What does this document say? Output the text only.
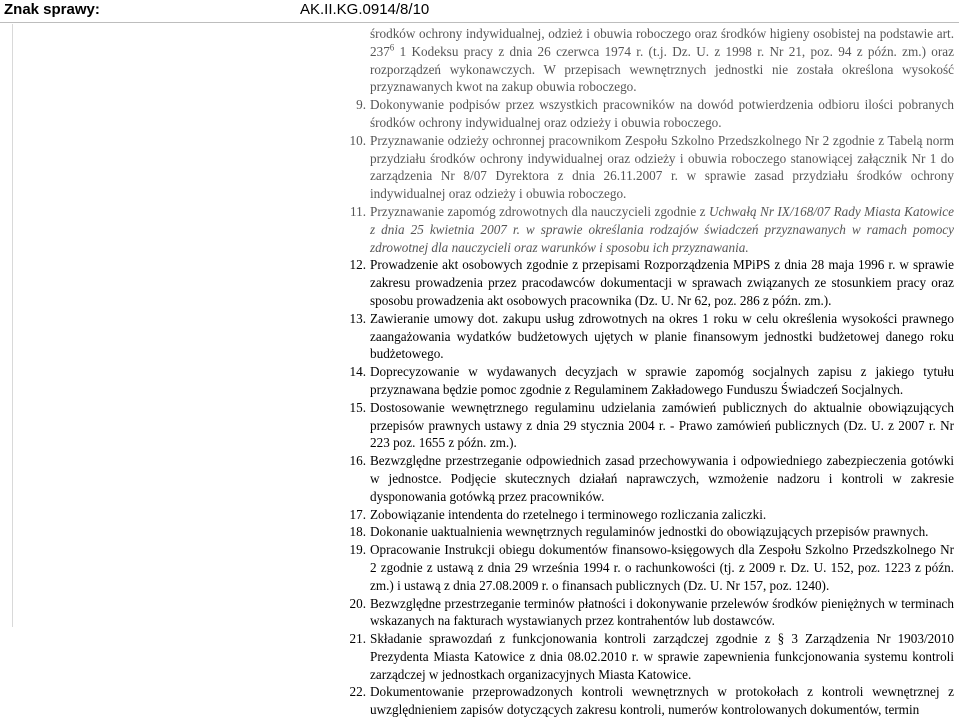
Znak sprawy:	AK.II.KG.0914/8/10
środków ochrony indywidualnej, odzież i obuwia roboczego oraz środków higieny osobistej na podstawie art. $237^6$ 1 Kodeksu pracy z dnia 26 czerwca 1974 r. (t.j. Dz. U. z 1998 r. Nr 21, poz. 94 z późn. zm.) oraz rozporządzeń wykonawczych. W przepisach wewnętrznych jednostki nie została określona wysokość przyznawanych kwot na zakup obuwia roboczego.
9. Dokonywanie podpisów przez wszystkich pracowników na dowód potwierdzenia odbioru ilości pobranych środków ochrony indywidualnej oraz odzieży i obuwia roboczego.
10. Przyznawanie odzieży ochronnej pracownikom Zespołu Szkolno Przedszkolnego Nr 2 zgodnie z Tabelą norm przydziału środków ochrony indywidualnej oraz odzieży i obuwia roboczego stanowiącej załącznik Nr 1 do zarządzenia Nr 8/07 Dyrektora z dnia 26.11.2007 r. w sprawie zasad przydziału środków ochrony indywidualnej oraz odzieży i obuwia roboczego.
11. Przyznawanie zapomóg zdrowotnych dla nauczycieli zgodnie z Uchwałą Nr IX/168/07 Rady Miasta Katowice z dnia 25 kwietnia 2007 r. w sprawie określania rodzajów świadczeń przyznawanych w ramach pomocy zdrowotnej dla nauczycieli oraz warunków i sposobu ich przyznawania.
12. Prowadzenie akt osobowych zgodnie z przepisami Rozporządzenia MPiPS z dnia 28 maja 1996 r. w sprawie zakresu prowadzenia przez pracodawców dokumentacji w sprawach związanych ze stosunkiem pracy oraz sposobu prowadzenia akt osobowych pracownika (Dz. U. Nr 62, poz. 286 z późn. zm.).
13. Zawieranie umowy dot. zakupu usług zdrowotnych na okres 1 roku w celu określenia wysokości prawnego zaangażowania wydatków budżetowych ujętych w planie finansowym jednostki budżetowej danego roku budżetowego.
14. Doprecyzowanie w wydawanych decyzjach w sprawie zapomóg socjalnych zapisu z jakiego tytułu przyznawana będzie pomoc zgodnie z Regulaminem Zakładowego Funduszu Świadczeń Socjalnych.
15. Dostosowanie wewnętrznego regulaminu udzielania zamówień publicznych do aktualnie obowiązujących przepisów prawnych ustawy z dnia 29 stycznia 2004 r. - Prawo zamówień publicznych (Dz. U. z 2007 r. Nr 223 poz. 1655 z późn. zm.).
16. Bezwzględne przestrzeganie odpowiednich zasad przechowywania i odpowiedniego zabezpieczenia gotówki w jednostce. Podjęcie skutecznych działań naprawczych, wzmożenie nadzoru i kontroli w zakresie dysponowania gotówką przez pracowników.
17. Zobowiązanie intendenta do rzetelnego i terminowego rozliczania zaliczki.
18. Dokonanie uaktualnienia wewnętrznych regulaminów jednostki do obowiązujących przepisów prawnych.
19. Opracowanie Instrukcji obiegu dokumentów finansowo-księgowych dla Zespołu Szkolno Przedszkolnego Nr 2 zgodnie z ustawą z dnia 29 września 1994 r. o rachunkowości (tj. z 2009 r. Dz. U. 152, poz. 1223 z późn. zm.) i ustawą z dnia 27.08.2009 r. o finansach publicznych (Dz. U. Nr 157, poz. 1240).
20. Bezwzględne przestrzeganie terminów płatności i dokonywanie przelewów środków pieniężnych w terminach wskazanych na fakturach wystawianych przez kontrahentów lub dostawców.
21. Składanie sprawozdań z funkcjonowania kontroli zarządczej zgodnie z § 3 Zarządzenia Nr 1903/2010 Prezydenta Miasta Katowice z dnia 08.02.2010 r. w sprawie zapewnienia funkcjonowania systemu kontroli zarządczej w jednostkach organizacyjnych Miasta Katowice.
22. Dokumentowanie przeprowadzonych kontroli wewnętrznych w protokołach z kontroli wewnętrznej z uwzględnieniem zapisów dotyczących zakresu kontroli, numerów kontrolowanych dokumentów, termin
